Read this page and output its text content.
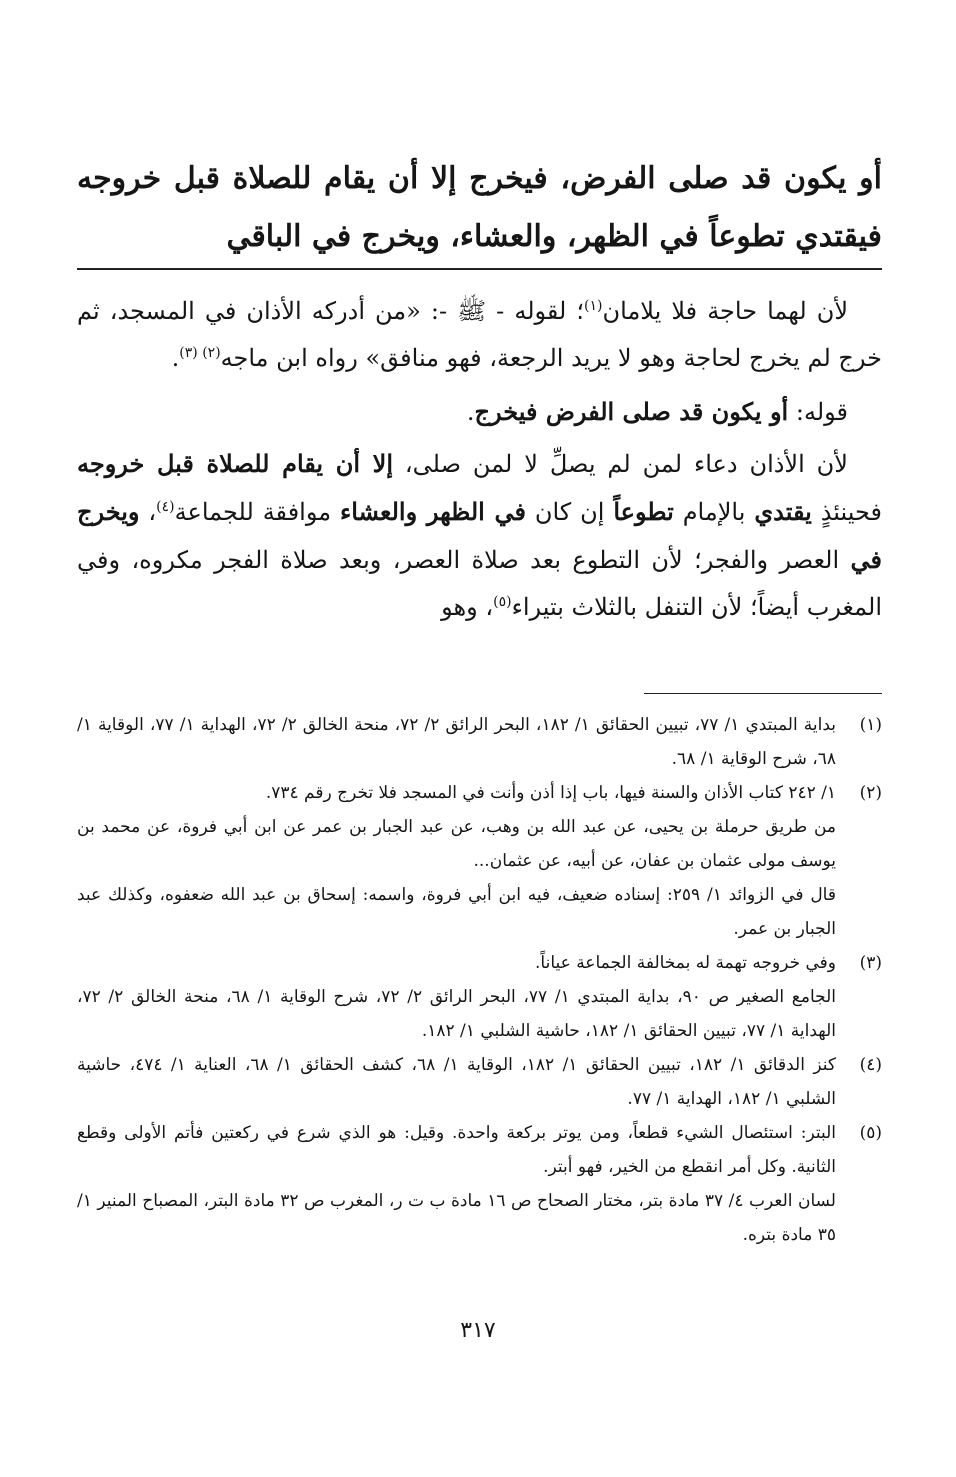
أو يكون قد صلى الفرض، فيخرج إلا أن يقام للصلاة قبل خروجه فيقتدي تطوعاً في الظهر، والعشاء، ويخرج في الباقي

لأن لهما حاجة فلا يلامان$^{(١)}$؛ لقوله - ﷺ -: «من أدركه الأذان في المسجد، ثم خرج لم يخرج لحاجة وهو لا يريد الرجعة، فهو منافق» رواه ابن ماجه$^{(٢) (٣)}$.

قوله: أو يكون قد صلى الفرض فيخرج.

لأن الأذان دعاء لمن لم يصلِّ لا لمن صلى، إلا أن يقام للصلاة قبل خروجه فحينئذٍ يقتدي بالإمام تطوعاً إن كان في الظهر والعشاء موافقة للجماعة$^{(٤)}$، ويخرج في العصر والفجر؛ لأن التطوع بعد صلاة العصر، وبعد صلاة الفجر مكروه، وفي المغرب أيضاً؛ لأن التنفل بالثلاث بتيراء$^{(٥)}$، وهو

(١)
بداية المبتدي ١/ ٧٧، تبيين الحقائق ١/ ١٨٢، البحر الرائق ٢/ ٧٢، منحة الخالق ٢/ ٧٢، الهداية ١/ ٧٧، الوقاية ١/ ٦٨، شرح الوقاية ١/ ٦٨.
(٢)
١/ ٢٤٢ كتاب الأذان والسنة فيها، باب إذا أذن وأنت في المسجد فلا تخرج رقم ٧٣٤.
من طريق حرملة بن يحيى، عن عبد الله بن وهب، عن عبد الجبار بن عمر عن ابن أبي فروة، عن محمد بن يوسف مولى عثمان بن عفان، عن أبيه، عن عثمان...
قال في الزوائد ١/ ٢٥٩: إسناده ضعيف، فيه ابن أبي فروة، واسمه: إسحاق بن عبد الله ضعفوه، وكذلك عبد الجبار بن عمر.
(٣)
وفي خروجه تهمة له بمخالفة الجماعة عياناً.
الجامع الصغير ص ٩٠، بداية المبتدي ١/ ٧٧، البحر الرائق ٢/ ٧٢، شرح الوقاية ١/ ٦٨، منحة الخالق ٢/ ٧٢، الهداية ١/ ٧٧، تبيين الحقائق ١/ ١٨٢، حاشية الشلبي ١/ ١٨٢.
(٤)
كنز الدقائق ١/ ١٨٢، تبيين الحقائق ١/ ١٨٢، الوقاية ١/ ٦٨، كشف الحقائق ١/ ٦٨، العناية ١/ ٤٧٤، حاشية الشلبي ١/ ١٨٢، الهداية ١/ ٧٧.
(٥)
البتر: استئصال الشيء قطعاً، ومن يوتر بركعة واحدة. وقيل: هو الذي شرع في ركعتين فأتم الأولى وقطع الثانية. وكل أمر انقطع من الخير، فهو أبتر.
لسان العرب ٤/ ٣٧ مادة بتر، مختار الصحاح ص ١٦ مادة ب ت ر، المغرب ص ٣٢ مادة البتر، المصباح المنير ١/ ٣٥ مادة بتره.
٣١٧
